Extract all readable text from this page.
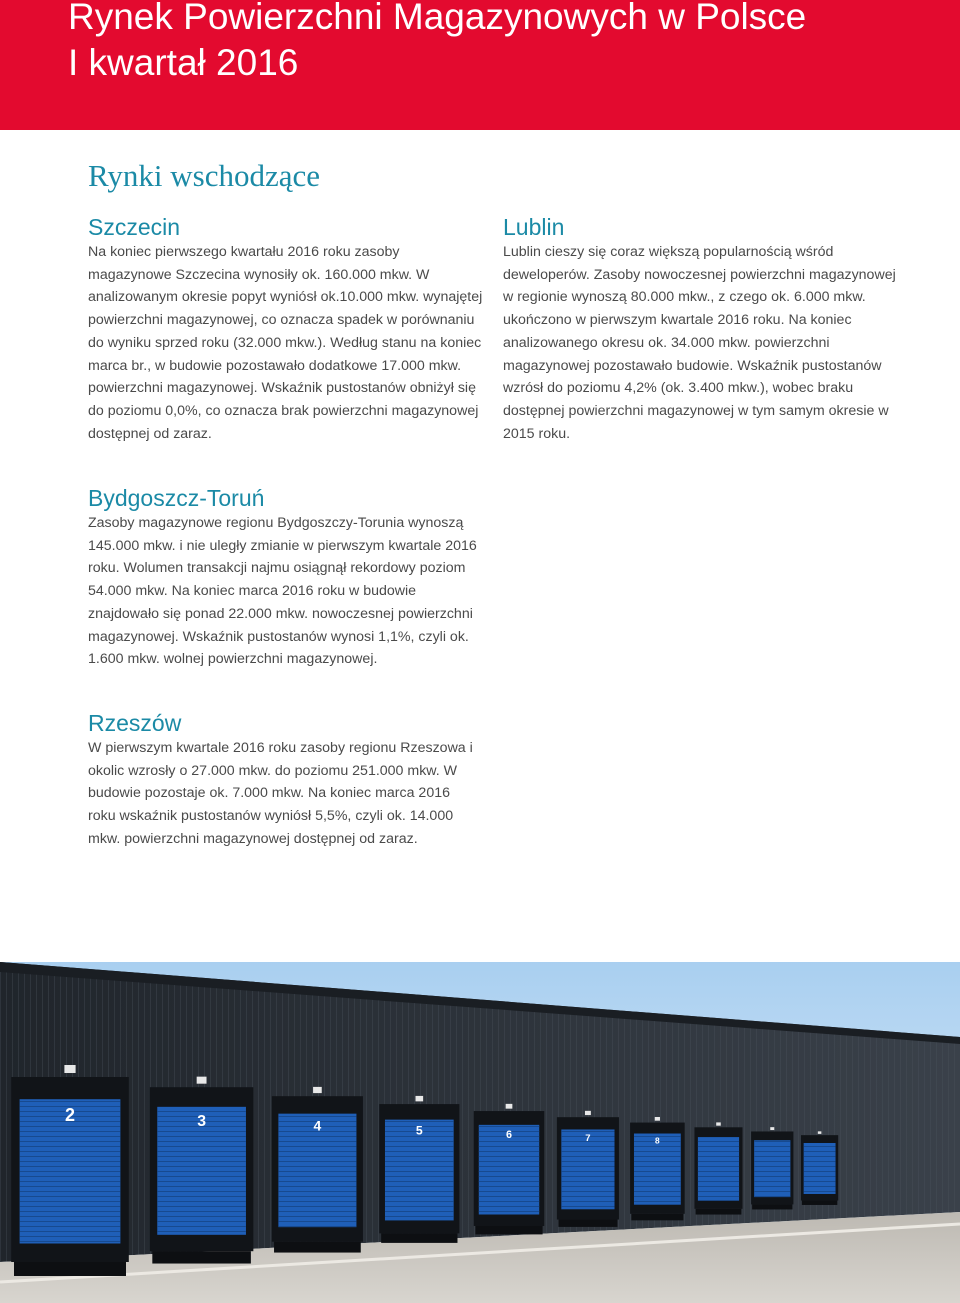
Rynek Powierzchni Magazynowych w Polsce
I kwartał 2016
Rynki wschodzące
Szczecin

Na koniec pierwszego kwartału 2016 roku zasoby magazynowe Szczecina wynosiły ok. 160.000 mkw. W analizowanym okresie popyt wyniósł ok.10.000 mkw. wynajętej powierzchni magazynowej, co oznacza spadek w porównaniu do wyniku sprzed roku (32.000 mkw.). Według stanu na koniec marca br., w budowie pozostawało dodatkowe 17.000 mkw. powierzchni magazynowej. Wskaźnik pustostanów obniżył się do poziomu 0,0%, co oznacza brak powierzchni magazynowej dostępnej od zaraz.

Lublin

Lublin cieszy się coraz większą popularnością wśród deweloperów. Zasoby nowoczesnej powierzchni magazynowej w regionie wynoszą 80.000 mkw., z czego ok. 6.000 mkw. ukończono w pierwszym kwartale 2016 roku. Na koniec analizowanego okresu ok. 34.000 mkw. powierzchni magazynowej pozostawało budowie. Wskaźnik pustostanów wzrósł do poziomu 4,2% (ok. 3.400 mkw.), wobec braku dostępnej powierzchni magazynowej w tym samym okresie w 2015 roku.

Bydgoszcz-Toruń

Zasoby magazynowe regionu Bydgoszczy-Torunia wynoszą 145.000 mkw. i nie uległy zmianie w pierwszym kwartale 2016 roku. Wolumen transakcji najmu osiągnął rekordowy poziom 54.000 mkw. Na koniec marca 2016 roku w budowie znajdowało się ponad 22.000 mkw. nowoczesnej powierzchni magazynowej. Wskaźnik pustostanów wynosi 1,1%, czyli ok. 1.600 mkw. wolnej powierzchni magazynowej.

Rzeszów

W pierwszym kwartale 2016 roku zasoby regionu Rzeszowa i okolic wzrosły o 27.000 mkw. do poziomu 251.000 mkw. W budowie pozostaje ok. 7.000 mkw. Na koniec marca 2016 roku wskaźnik pustostanów wyniósł 5,5%, czyli ok. 14.000 mkw. powierzchni magazynowej dostępnej od zaraz.

2	3	4	5	6	7	8
